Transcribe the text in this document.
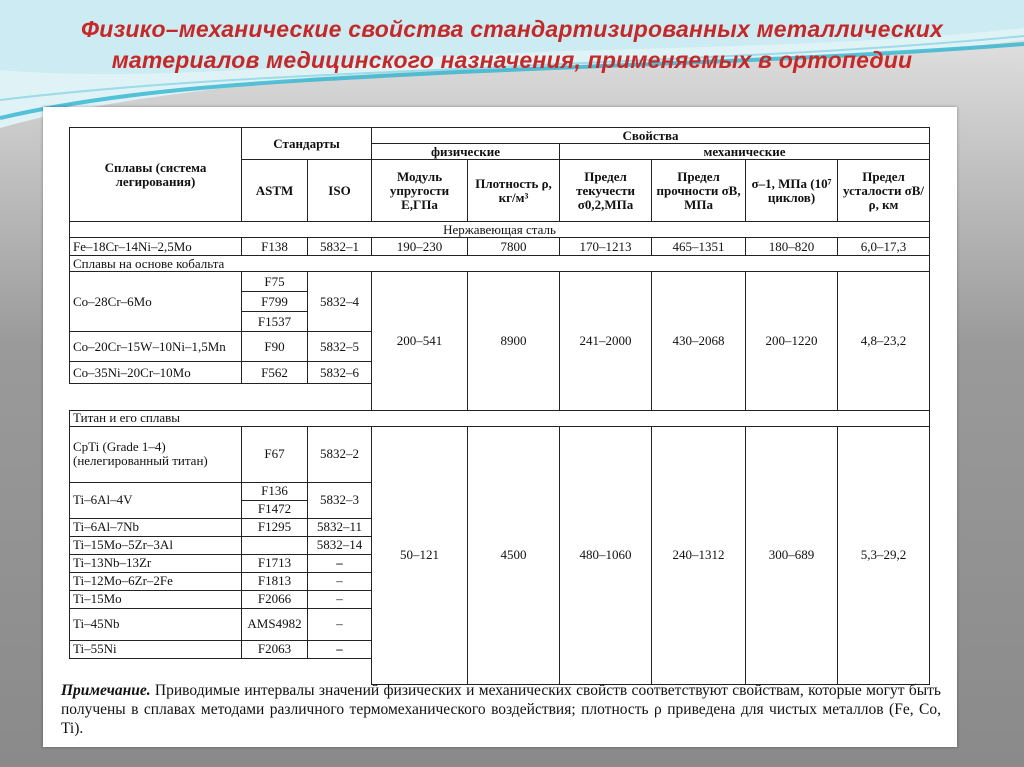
Физико–механические свойства стандартизированных металлических
материалов медицинского назначения, применяемых в ортопедии
Сплавы (система легирования)	Стандарты		Свойства					
			физические		механические			
	ASTM	ISO	Модуль упругости Е,ГПа	Плотность ρ, кг/м³	Предел текучести σ0,2,МПа	Предел прочности σB, МПа	σ–1, МПа (10⁷ циклов)	Предел усталости σB/ρ, км
Нержавеющая сталь								
Fe–18Cr–14Ni–2,5Mo	F138	5832–1	190–230	7800	170–1213	465–1351	180–820	6,0–17,3
Сплавы на основе кобальта								
Co–28Cr–6Mo	F75	5832–4	200–541	8900	241–2000	430–2068	200–1220	4,8–23,2
	F799							
	F1537							
Co–20Cr–15W–10Ni–1,5Mn	F90	5832–5						
Co–35Ni–20Cr–10Mo	F562	5832–6						

Титан и его сплавы								
CpTi (Grade 1–4) (нелегированный титан)	F67	5832–2	50–121	4500	480–1060	240–1312	300–689	5,3–29,2
Ti–6Al–4V	F136	5832–3						
	F1472							
Ti–6Al–7Nb	F1295	5832–11						
Ti–15Mo–5Zr–3Al		5832–14						
Ti–13Nb–13Zr	F1713	–						
Ti–12Mo–6Zr–2Fe	F1813	–						
Ti–15Mo	F2066	–						
Ti–45Nb	AMS4982	–						
Ti–55Ni	F2063	–						

Примечание. Приводимые интервалы значений физических и механических свойств соответствуют свойствам, которые могут быть получены в сплавах методами различного термомеханического воздействия; плотность ρ приведена для чистых металлов (Fe, Co, Ti).
